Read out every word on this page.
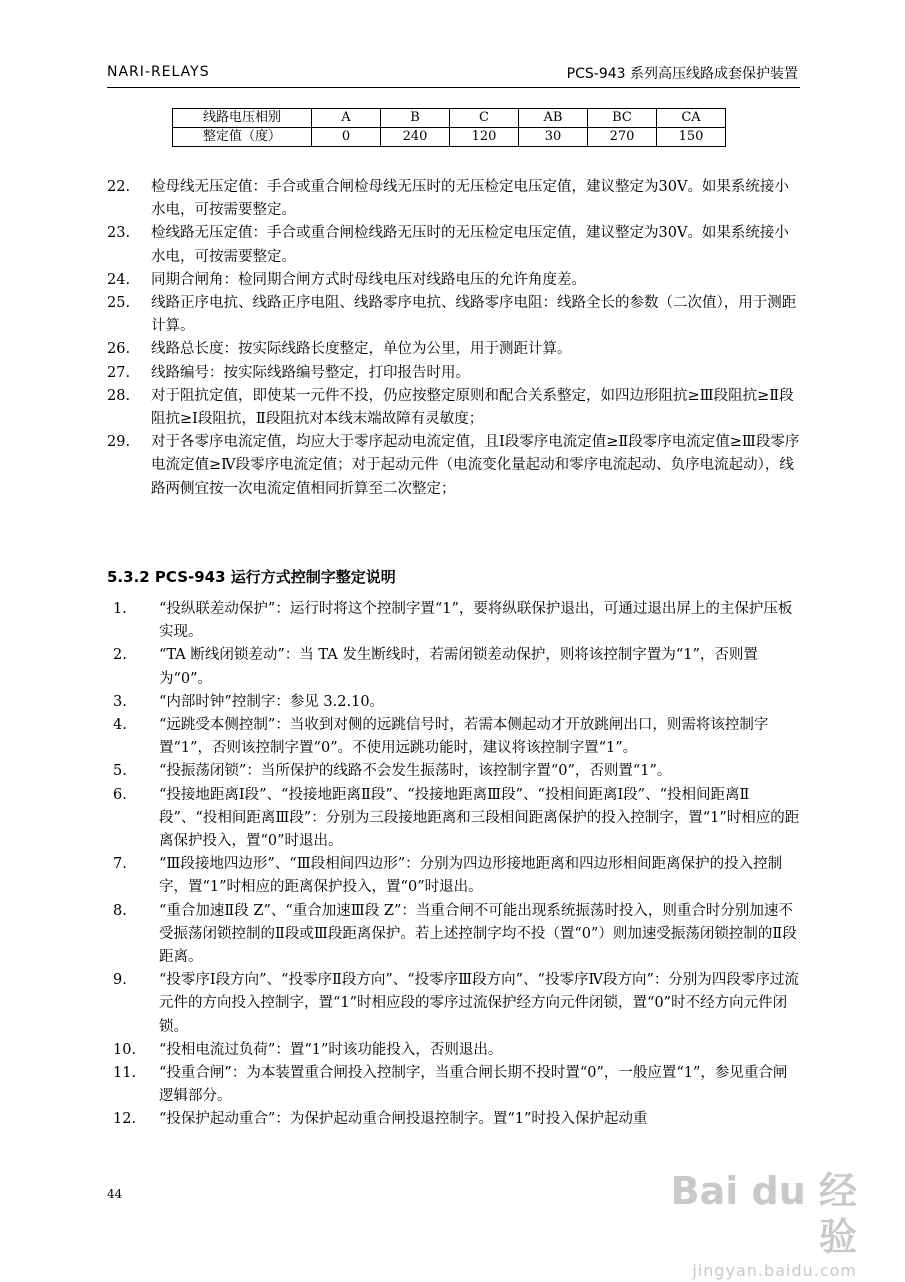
NARI-RELAYS	PCS-943 系列高压线路成套保护装置
线路电压相别	A	B	C	AB	BC	CA
整定值（度）	0	240	120	30	270	150
22. 检母线无压定值：手合或重合闸检母线无压时的无压检定电压定值，建议整定为30V。如果系统接小水电，可按需要整定。
23. 检线路无压定值：手合或重合闸检线路无压时的无压检定电压定值，建议整定为30V。如果系统接小水电，可按需要整定。
24. 同期合闸角：检同期合闸方式时母线电压对线路电压的允许角度差。
25. 线路正序电抗、线路正序电阻、线路零序电抗、线路零序电阻：线路全长的参数（二次值），用于测距计算。
26. 线路总长度：按实际线路长度整定，单位为公里，用于测距计算。
27. 线路编号：按实际线路编号整定，打印报告时用。
28. 对于阻抗定值，即使某一元件不投，仍应按整定原则和配合关系整定，如四边形阻抗≥Ⅲ段阻抗≥Ⅱ段阻抗≥Ⅰ段阻抗，Ⅱ段阻抗对本线末端故障有灵敏度；
29. 对于各零序电流定值，均应大于零序起动电流定值，且Ⅰ段零序电流定值≥Ⅱ段零序电流定值≥Ⅲ段零序电流定值≥Ⅳ段零序电流定值；对于起动元件（电流变化量起动和零序电流起动、负序电流起动），线路两侧宜按一次电流定值相同折算至二次整定；
5.3.2 PCS-943 运行方式控制字整定说明
1. “投纵联差动保护”：运行时将这个控制字置“1”，要将纵联保护退出，可通过退出屏上的主保护压板实现。
2. “TA 断线闭锁差动”：当 TA 发生断线时，若需闭锁差动保护，则将该控制字置为“1”，否则置为“0”。
3. “内部时钟”控制字：参见 3.2.10。
4. “远跳受本侧控制”：当收到对侧的远跳信号时，若需本侧起动才开放跳闸出口，则需将该控制字置“1”，否则该控制字置“0”。不使用远跳功能时，建议将该控制字置“1”。
5. “投振荡闭锁”：当所保护的线路不会发生振荡时，该控制字置“0”，否则置“1”。
6. “投接地距离Ⅰ段”、“投接地距离Ⅱ段”、“投接地距离Ⅲ段”、“投相间距离Ⅰ段”、“投相间距离Ⅱ段”、“投相间距离Ⅲ段”：分别为三段接地距离和三段相间距离保护的投入控制字，置“1”时相应的距离保护投入，置“0”时退出。
7. “Ⅲ段接地四边形”、“Ⅲ段相间四边形”：分别为四边形接地距离和四边形相间距离保护的投入控制字，置“1”时相应的距离保护投入，置“0”时退出。
8. “重合加速Ⅱ段 Z”、“重合加速Ⅲ段 Z”：当重合闸不可能出现系统振荡时投入，则重合时分别加速不受振荡闭锁控制的Ⅱ段或Ⅲ段距离保护。若上述控制字均不投（置“0”）则加速受振荡闭锁控制的Ⅱ段距离。
9. “投零序Ⅰ段方向”、“投零序Ⅱ段方向”、“投零序Ⅲ段方向”、“投零序Ⅳ段方向”：分别为四段零序过流元件的方向投入控制字，置“1”时相应段的零序过流保护经方向元件闭锁，置“0”时不经方向元件闭锁。
10. “投相电流过负荷”：置“1”时该功能投入，否则退出。
11. “投重合闸”：为本装置重合闸投入控制字，当重合闸长期不投时置“0”，一般应置“1”，参见重合闸逻辑部分。
12. “投保护起动重合”：为保护起动重合闸投退控制字。置“1”时投入保护起动重
44	Bai du 经验
jingyan.baidu.com
